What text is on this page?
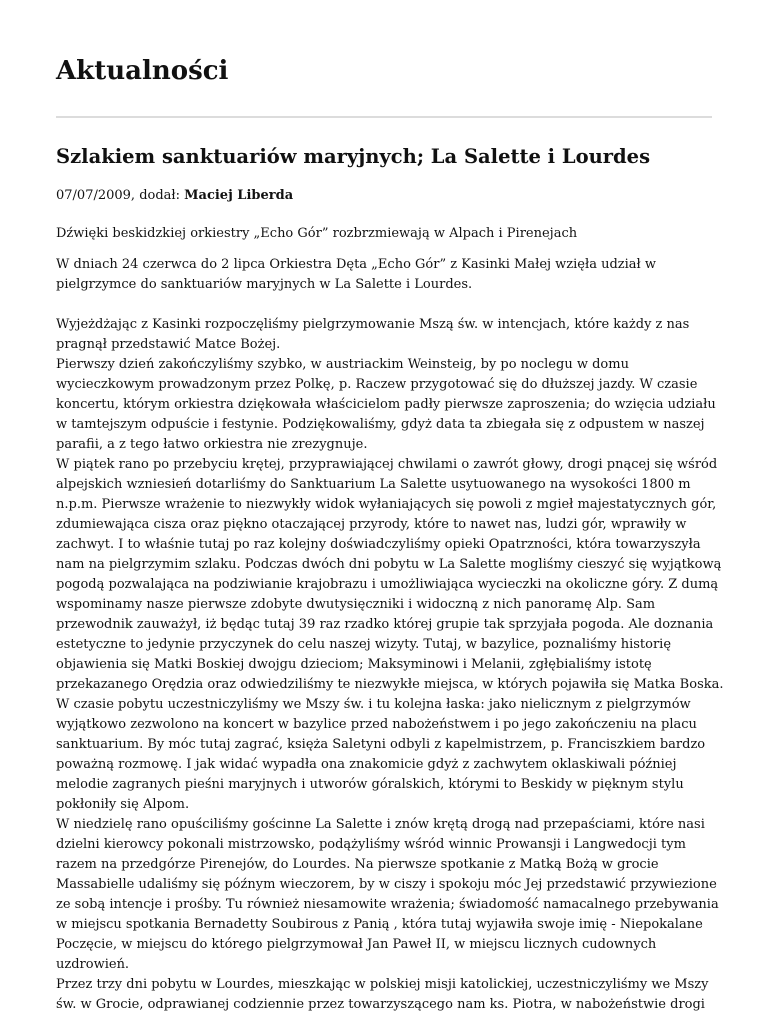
Aktualności
Szlakiem sanktuariów maryjnych; La Salette i Lourdes

07/07/2009, dodał: Maciej Liberda

Dźwięki beskidzkiej orkiestry „Echo Gór” rozbrzmiewają w Alpach i Pirenejach

W dniach 24 czerwca do 2 lipca Orkiestra Dęta „Echo Gór” z Kasinki Małej wzięła udział w
pielgrzymce do sanktuariów maryjnych w La Salette i Lourdes.

Wyjeżdżając z Kasinki rozpoczęliśmy pielgrzymowanie Mszą św. w intencjach, które każdy z nas
pragnął przedstawić Matce Bożej.
Pierwszy dzień zakończyliśmy szybko, w austriackim Weinsteig, by po noclegu w domu
wycieczkowym prowadzonym przez Polkę, p. Raczew przygotować się do dłuższej jazdy. W czasie
koncertu, którym orkiestra dziękowała właścicielom padły pierwsze zaproszenia; do wzięcia udziału
w tamtejszym odpuście i festynie. Podziękowaliśmy, gdyż data ta zbiegała się z odpustem w naszej
parafii, a z tego łatwo orkiestra nie zrezygnuje.
W piątek rano po przebyciu krętej, przyprawiającej chwilami o zawrót głowy, drogi pnącej się wśród
alpejskich wzniesień dotarliśmy do Sanktuarium La Salette usytuowanego na wysokości 1800 m
n.p.m. Pierwsze wrażenie to niezwykły widok wyłaniających się powoli z mgieł majestatycznych gór,
zdumiewająca cisza oraz piękno otaczającej przyrody, które to nawet nas, ludzi gór, wprawiły w
zachwyt. I to właśnie tutaj po raz kolejny doświadczyliśmy opieki Opatrzności, która towarzyszyła
nam na pielgrzymim szlaku. Podczas dwóch dni pobytu w La Salette mogliśmy cieszyć się wyjątkową
pogodą pozwalająca na podziwianie krajobrazu i umożliwiająca wycieczki na okoliczne góry. Z dumą
wspominamy nasze pierwsze zdobyte dwutysięczniki i widoczną z nich panoramę Alp. Sam
przewodnik zauważył, iż będąc tutaj 39 raz rzadko której grupie tak sprzyjała pogoda. Ale doznania
estetyczne to jedynie przyczynek do celu naszej wizyty. Tutaj, w bazylice, poznaliśmy historię
objawienia się Matki Boskiej dwojgu dzieciom; Maksyminowi i Melanii, zgłębialiśmy istotę
przekazanego Orędzia oraz odwiedziliśmy te niezwykłe miejsca, w których pojawiła się Matka Boska.
W czasie pobytu uczestniczyliśmy we Mszy św. i tu kolejna łaska: jako nielicznym z pielgrzymów
wyjątkowo zezwolono na koncert w bazylice przed nabożeństwem i po jego zakończeniu na placu
sanktuarium. By móc tutaj zagrać, księża Saletyni odbyli z kapelmistrzem, p. Franciszkiem bardzo
poważną rozmowę. I jak widać wypadła ona znakomicie gdyż z zachwytem oklaskiwali później
melodie zagranych pieśni maryjnych i utworów góralskich, którymi to Beskidy w pięknym stylu
pokłoniły się Alpom.
W niedzielę rano opuściliśmy gościnne La Salette i znów krętą drogą nad przepaściami, które nasi
dzielni kierowcy pokonali mistrzowsko, podążyliśmy wśród winnic Prowansji i Langwedocji tym
razem na przedgórze Pirenejów, do Lourdes. Na pierwsze spotkanie z Matką Bożą w grocie
Massabielle udaliśmy się późnym wieczorem, by w ciszy i spokoju móc Jej przedstawić przywiezione
ze sobą intencje i prośby. Tu również niesamowite wrażenia; świadomość namacalnego przebywania
w miejscu spotkania Bernadetty Soubirous z Panią , która tutaj wyjawiła swoje imię - Niepokalane
Poczęcie, w miejscu do którego pielgrzymował Jan Paweł II, w miejscu licznych cudownych
uzdrowień.
Przez trzy dni pobytu w Lourdes, mieszkając w polskiej misji katolickiej, uczestniczyliśmy we Mszy
św. w Grocie, odprawianej codziennie przez towarzyszącego nam ks. Piotra, w nabożeństwie drogi
